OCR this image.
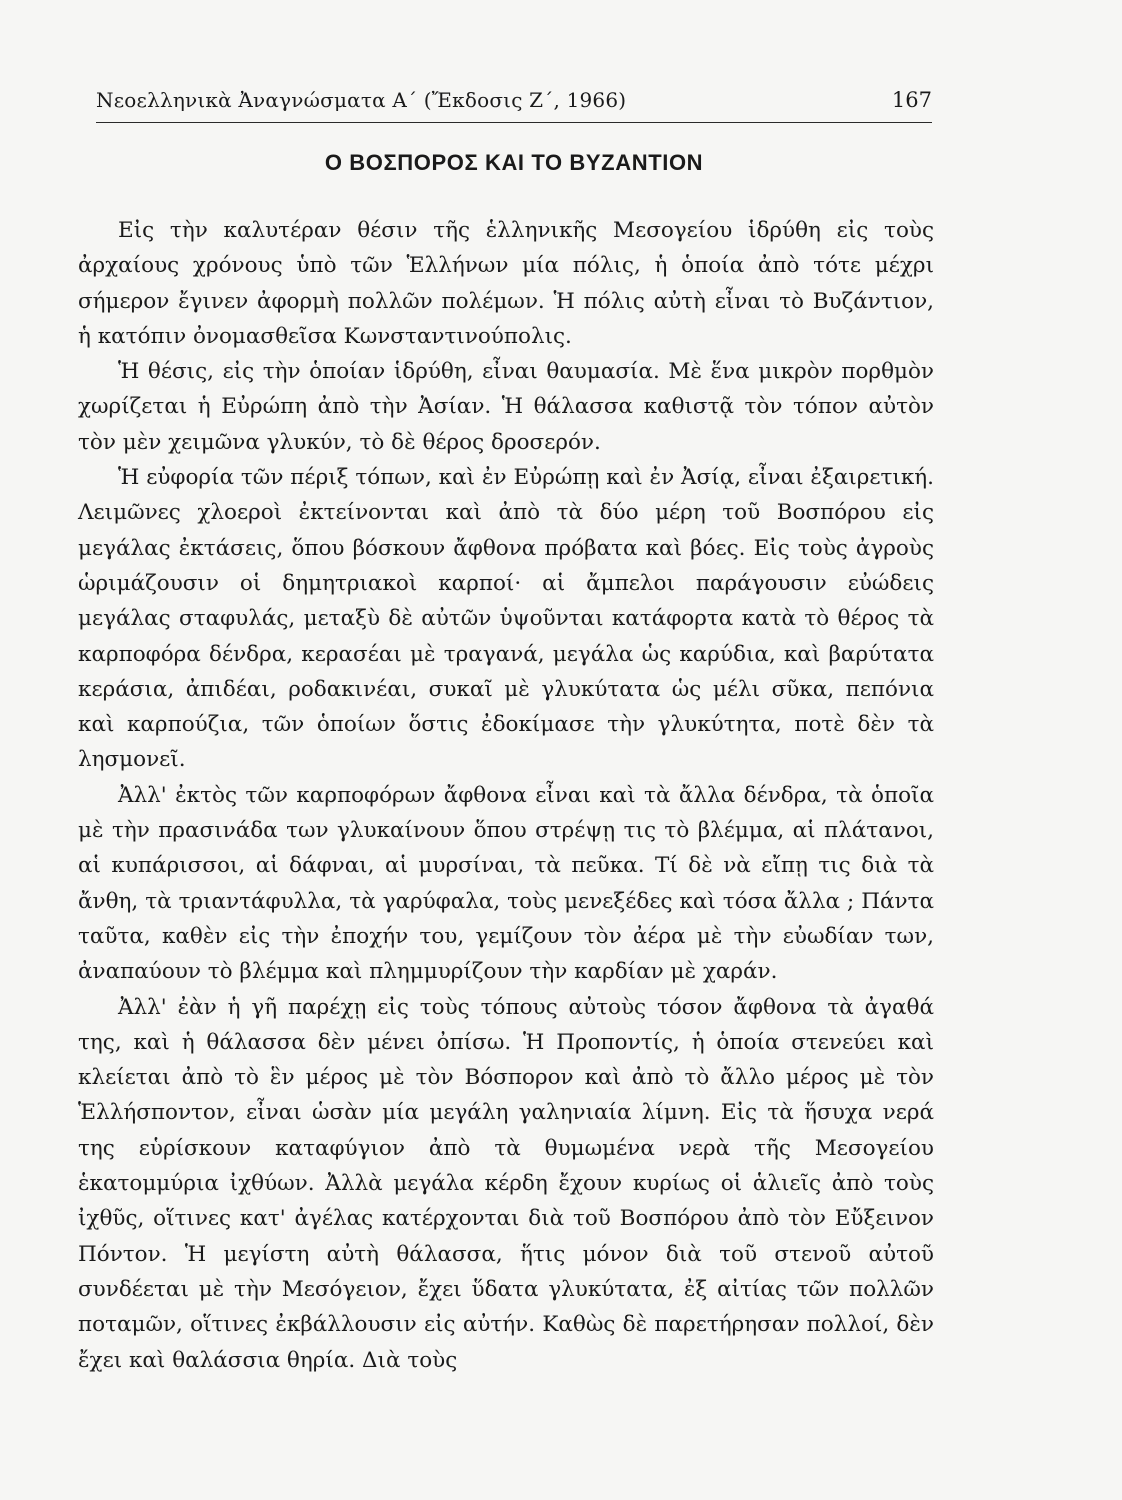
Νεοελληνικὰ Ἀναγνώσματα Α΄ (Ἔκδοσις Ζ΄, 1966)	167
Ο ΒΟΣΠΟΡΟΣ ΚΑΙ ΤΟ ΒΥΖΑΝΤΙΟΝ

Εἰς τὴν καλυτέραν θέσιν τῆς ἑλληνικῆς Μεσογείου ἱδρύθη εἰς τοὺς ἀρχαίους χρόνους ὑπὸ τῶν Ἑλλήνων μία πόλις, ἡ ὁποία ἀπὸ τότε μέχρι σήμερον ἔγινεν ἀφορμὴ πολλῶν πολέμων. Ἡ πόλις αὐτὴ εἶναι τὸ Βυζάντιον, ἡ κατόπιν ὀνομασθεῖσα Κωνσταντινούπολις.

Ἡ θέσις, εἰς τὴν ὁποίαν ἱδρύθη, εἶναι θαυμασία. Μὲ ἕνα μικρὸν πορθμὸν χωρίζεται ἡ Εὐρώπη ἀπὸ τὴν Ἀσίαν. Ἡ θάλασσα καθιστᾷ τὸν τόπον αὐτὸν τὸν μὲν χειμῶνα γλυκύν, τὸ δὲ θέρος δροσερόν.

Ἡ εὐφορία τῶν πέριξ τόπων, καὶ ἐν Εὐρώπῃ καὶ ἐν Ἀσίᾳ, εἶναι ἐξαιρετική. Λειμῶνες χλοεροὶ ἐκτείνονται καὶ ἀπὸ τὰ δύο μέρη τοῦ Βοσπόρου εἰς μεγάλας ἐκτάσεις, ὅπου βόσκουν ἄφθονα πρόβατα καὶ βόες. Εἰς τοὺς ἀγροὺς ὡριμάζουσιν οἱ δημητριακοὶ καρποί· αἱ ἄμπελοι παράγουσιν εὐώδεις μεγάλας σταφυλάς, μεταξὺ δὲ αὐτῶν ὑψοῦνται κατάφορτα κατὰ τὸ θέρος τὰ καρποφόρα δένδρα, κερασέαι μὲ τραγανά, μεγάλα ὡς καρύδια, καὶ βαρύτατα κεράσια, ἀπιδέαι, ροδακινέαι, συκαῖ μὲ γλυκύτατα ὡς μέλι σῦκα, πεπόνια καὶ καρπούζια, τῶν ὁποίων ὅστις ἐδοκίμασε τὴν γλυκύτητα, ποτὲ δὲν τὰ λησμονεῖ.

Ἀλλ' ἐκτὸς τῶν καρποφόρων ἄφθονα εἶναι καὶ τὰ ἄλλα δένδρα, τὰ ὁποῖα μὲ τὴν πρασινάδα των γλυκαίνουν ὅπου στρέψῃ τις τὸ βλέμμα, αἱ πλάτανοι, αἱ κυπάρισσοι, αἱ δάφναι, αἱ μυρσίναι, τὰ πεῦκα. Τί δὲ νὰ εἴπῃ τις διὰ τὰ ἄνθη, τὰ τριαντάφυλλα, τὰ γαρύφαλα, τοὺς μενεξέδες καὶ τόσα ἄλλα ; Πάντα ταῦτα, καθὲν εἰς τὴν ἐποχήν του, γεμίζουν τὸν ἀέρα μὲ τὴν εὐωδίαν των, ἀναπαύουν τὸ βλέμμα καὶ πλημμυρίζουν τὴν καρδίαν μὲ χαράν.

Ἀλλ' ἐὰν ἡ γῆ παρέχῃ εἰς τοὺς τόπους αὐτοὺς τόσον ἄφθονα τὰ ἀγαθά της, καὶ ἡ θάλασσα δὲν μένει ὀπίσω. Ἡ Προποντίς, ἡ ὁποία στενεύει καὶ κλείεται ἀπὸ τὸ ἓν μέρος μὲ τὸν Βόσπορον καὶ ἀπὸ τὸ ἄλλο μέρος μὲ τὸν Ἑλλήσποντον, εἶναι ὡσὰν μία μεγάλη γαληνιαία λίμνη. Εἰς τὰ ἥσυχα νερά της εὑρίσκουν καταφύγιον ἀπὸ τὰ θυμωμένα νερὰ τῆς Μεσογείου ἑκατομμύρια ἰχθύων. Ἀλλὰ μεγάλα κέρδη ἔχουν κυρίως οἱ ἁλιεῖς ἀπὸ τοὺς ἰχθῦς, οἵτινες κατ' ἀγέλας κατέρχονται διὰ τοῦ Βοσπόρου ἀπὸ τὸν Εὔξεινον Πόντον. Ἡ μεγίστη αὐτὴ θάλασσα, ἥτις μόνον διὰ τοῦ στενοῦ αὐτοῦ συνδέεται μὲ τὴν Μεσόγειον, ἔχει ὕδατα γλυκύτατα, ἐξ αἰτίας τῶν πολλῶν ποταμῶν, οἵτινες ἐκβάλλουσιν εἰς αὐτήν. Καθὼς δὲ παρετήρησαν πολλοί, δὲν ἔχει καὶ θαλάσσια θηρία. Διὰ τοὺς
